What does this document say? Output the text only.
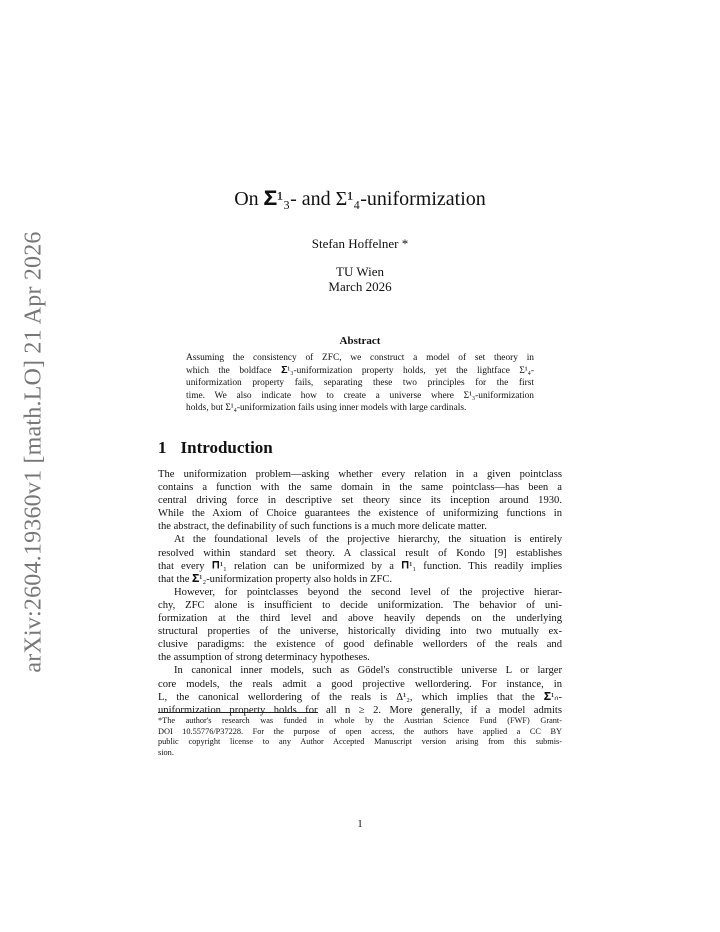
arXiv:2604.19360v1 [math.LO] 21 Apr 2026
On 𝚺¹₃- and Σ¹₄-uniformization
Stefan Hoffelner *
TU Wien
March 2026
Abstract
Assuming the consistency of ZFC, we construct a model of set theory in
which the boldface 𝚺¹₃-uniformization property holds, yet the lightface Σ¹₄-
uniformization property fails, separating these two principles for the first
time. We also indicate how to create a universe where Σ¹₃-uniformization
holds, but Σ¹₄-uniformization fails using inner models with large cardinals.
1 Introduction
The uniformization problem—asking whether every relation in a given pointclass
contains a function with the same domain in the same pointclass—has been a
central driving force in descriptive set theory since its inception around 1930.
While the Axiom of Choice guarantees the existence of uniformizing functions in
the abstract, the definability of such functions is a much more delicate matter.
At the foundational levels of the projective hierarchy, the situation is entirely
resolved within standard set theory. A classical result of Kondo [9] establishes
that every 𝚷¹₁ relation can be uniformized by a 𝚷¹₁ function. This readily implies
that the 𝚺¹₂-uniformization property also holds in ZFC.
However, for pointclasses beyond the second level of the projective hierar-
chy, ZFC alone is insufficient to decide uniformization. The behavior of uni-
formization at the third level and above heavily depends on the underlying
structural properties of the universe, historically dividing into two mutually ex-
clusive paradigms: the existence of good definable wellorders of the reals and
the assumption of strong determinacy hypotheses.
In canonical inner models, such as Gödel's constructible universe L or larger
core models, the reals admit a good projective wellordering. For instance, in
L, the canonical wellordering of the reals is Δ¹₂, which implies that the 𝚺¹ₙ-
uniformization property holds for all n ≥ 2. More generally, if a model admits
*The author's research was funded in whole by the Austrian Science Fund (FWF) Grant-
DOI 10.55776/P37228. For the purpose of open access, the authors have applied a CC BY
public copyright license to any Author Accepted Manuscript version arising from this submis-
sion.
1
